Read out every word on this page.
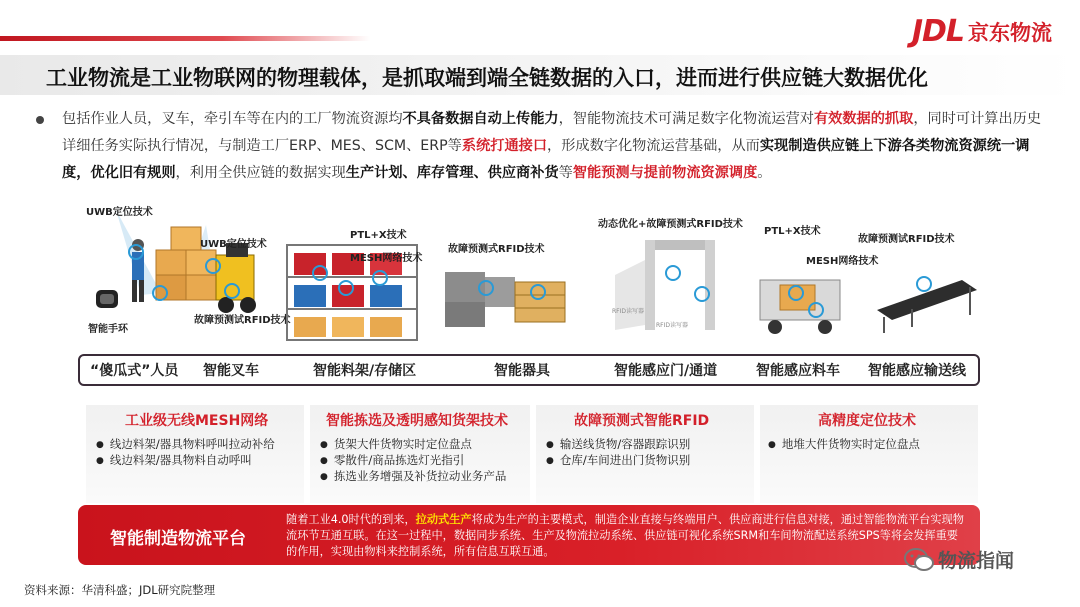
JDL 京东物流
工业物流是工业物联网的物理载体，是抓取端到端全链数据的入口，进而进行供应链大数据优化
包括作业人员，叉车，牵引车等在内的工厂物流资源均不具备数据自动上传能力，智能物流技术可满足数字化物流运营对有效数据的抓取，同时可计算出历史详细任务实际执行情况，与制造工厂ERP、MES、SCM、ERP等系统打通接口，形成数字化物流运营基础，从而实现制造供应链上下游各类物流资源统一调度，优化旧有规则，利用全供应链的数据实现生产计划、库存管理、供应商补货等智能预测与提前物流资源调度。
UWB定位技术
UWB定位技术
智能手环
故障预测试RFID技术
PTL+X技术
MESH网络技术
故障预测式RFID技术
动态优化+故障预测式RFID技术
RFID读写器
RFID读写器
PTL+X技术
MESH网络技术
故障预测试RFID技术
“傻瓜式”人员 智能叉车	智能料架/存储区	智能器具	智能感应门/通道	智能感应料车 智能感应输送线
工业级无线MESH网络
● 线边料架/器具物料呼叫拉动补给
● 线边料架/器具物料自动呼叫
智能拣选及透明感知货架技术
● 货架大件货物实时定位盘点
● 零散件/商品拣选灯光指引
● 拣选业务增强及补货拉动业务产品
故障预测式智能RFID
● 输送线货物/容器跟踪识别
● 仓库/车间进出门货物识别
高精度定位技术
● 地堆大件货物实时定位盘点
智能制造物流平台
随着工业4.0时代的到来，拉动式生产将成为生产的主要模式，制造企业直接与终端用户、供应商进行信息对接，通过智能物流平台实现物流环节互通互联。在这一过程中，数据同步系统、生产及物流拉动系统、供应链可视化系统SRM和车间物流配送系统SPS等将会发挥重要的作用，实现由物料来控制系统，所有信息互联互通。
资料来源：华清科盛；JDL研究院整理
物流指闻
